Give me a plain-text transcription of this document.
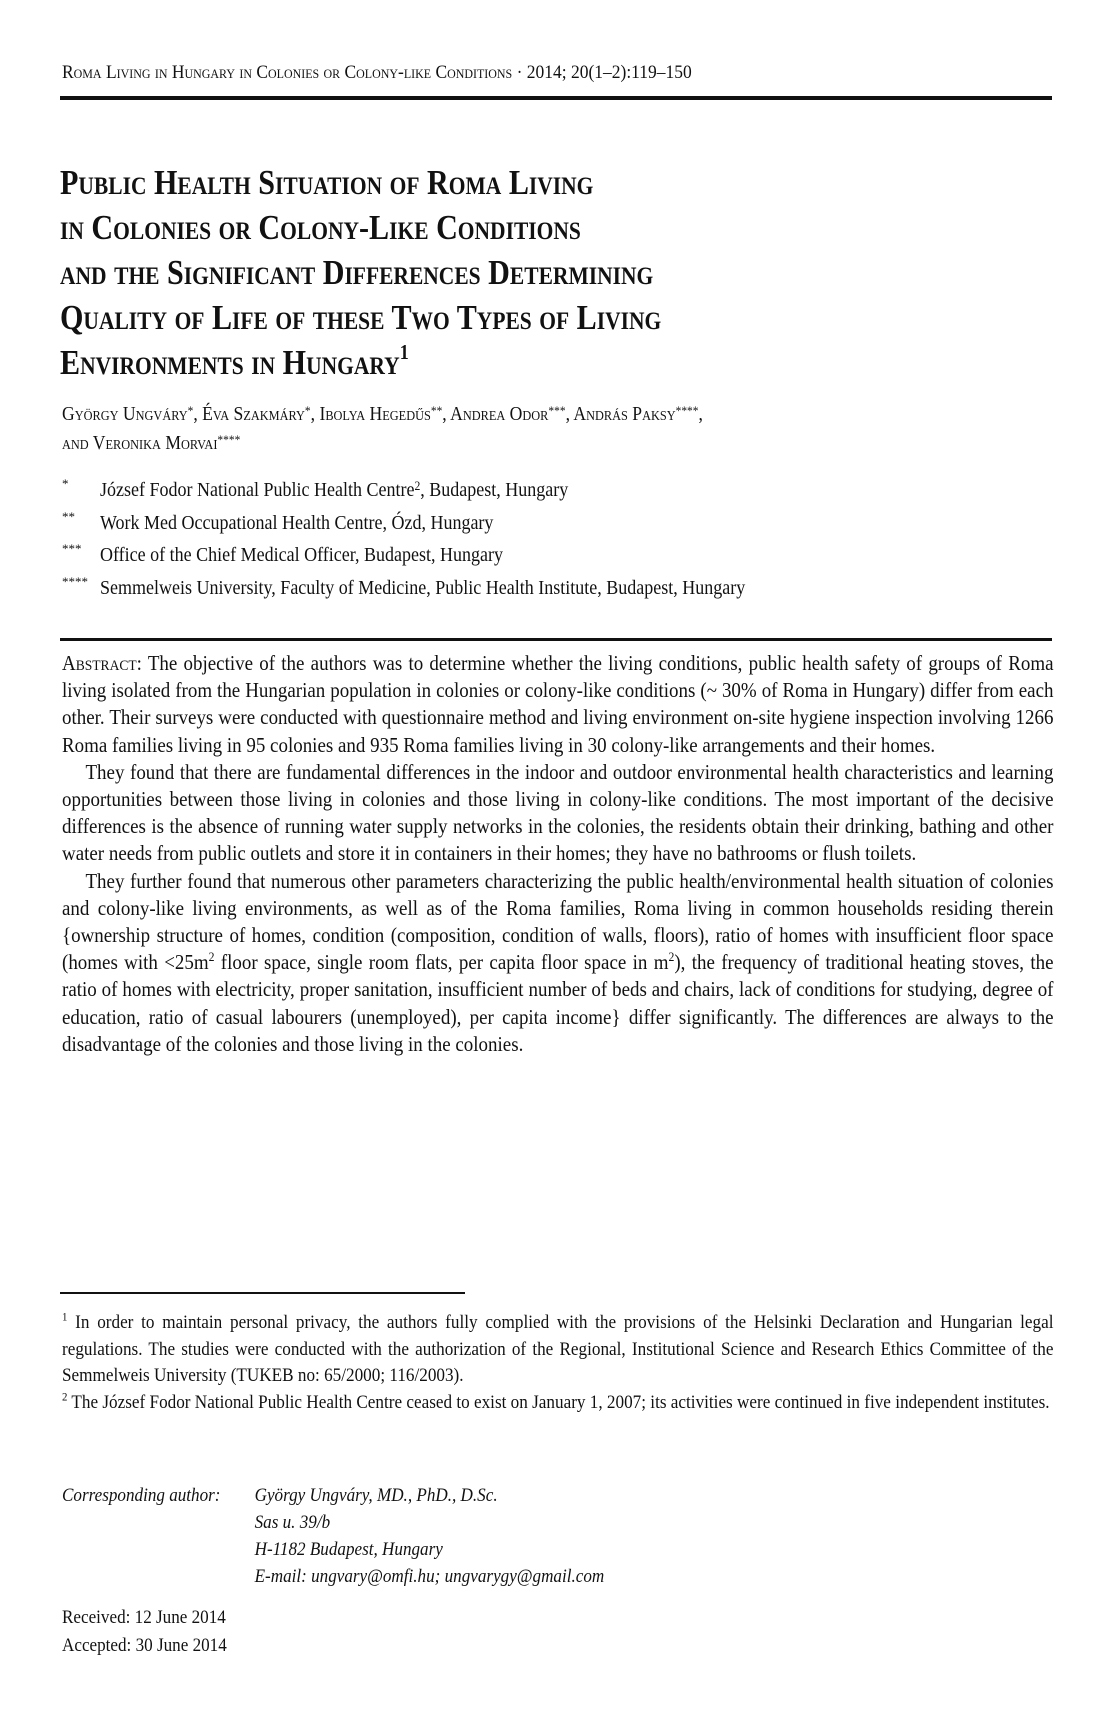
Roma Living in Hungary in Colonies or Colony-like Conditions · 2014; 20(1–2):119–150
Public Health Situation of Roma Living
in Colonies or Colony-Like Conditions
and the Significant Differences Determining
Quality of Life of these Two Types of Living
Environments in Hungary$^1$
György Ungváry*, Éva Szakmáry*, Ibolya Hegedűs**, Andrea Odor***, András Paksy****,
and Veronika Morvai****
* József Fodor National Public Health Centre$^2$, Budapest, Hungary
** Work Med Occupational Health Centre, Ózd, Hungary
*** Office of the Chief Medical Officer, Budapest, Hungary
**** Semmelweis University, Faculty of Medicine, Public Health Institute, Budapest, Hungary

Abstract: The objective of the authors was to determine whether the living conditions, public health safety of groups of Roma living isolated from the Hungarian population in colonies or colony-like conditions (~ 30% of Roma in Hungary) differ from each other. Their surveys were conducted with questionnaire method and living environment on-site hygiene inspection involving 1266 Roma families living in 95 colonies and 935 Roma families living in 30 colony-like arrangements and their homes.

They found that there are fundamental differences in the indoor and outdoor environmental health characteristics and learning opportunities between those living in colonies and those living in colony-like conditions. The most important of the decisive differences is the absence of running water supply networks in the colonies, the residents obtain their drinking, bathing and other water needs from public outlets and store it in containers in their homes; they have no bathrooms or flush toilets.

They further found that numerous other parameters characterizing the public health/environmental health situation of colonies and colony-like living environments, as well as of the Roma families, Roma living in common households residing therein {ownership structure of homes, condition (composition, condition of walls, floors), ratio of homes with insufficient floor space (homes with $<25m^2$ floor space, single room flats, per capita floor space in $m^2$), the frequency of traditional heating stoves, the ratio of homes with electricity, proper sanitation, insufficient number of beds and chairs, lack of conditions for studying, degree of education, ratio of casual labourers (unemployed), per capita income} differ significantly. The differences are always to the disadvantage of the colonies and those living in the colonies.

$^1$ In order to maintain personal privacy, the authors fully complied with the provisions of the Helsinki Declaration and Hungarian legal regulations. The studies were conducted with the authorization of the Regional, Institutional Science and Research Ethics Committee of the Semmelweis University (TUKEB no: 65/2000; 116/2003).

$^2$ The József Fodor National Public Health Centre ceased to exist on January 1, 2007; its activities were continued in five independent institutes.

Corresponding author:	György Ungváry, MD., PhD., D.Sc.
Sas u. 39/b
H-1182 Budapest, Hungary
E-mail: ungvary@omfi.hu; ungvarygy@gmail.com
Received: 12 June 2014
Accepted: 30 June 2014
